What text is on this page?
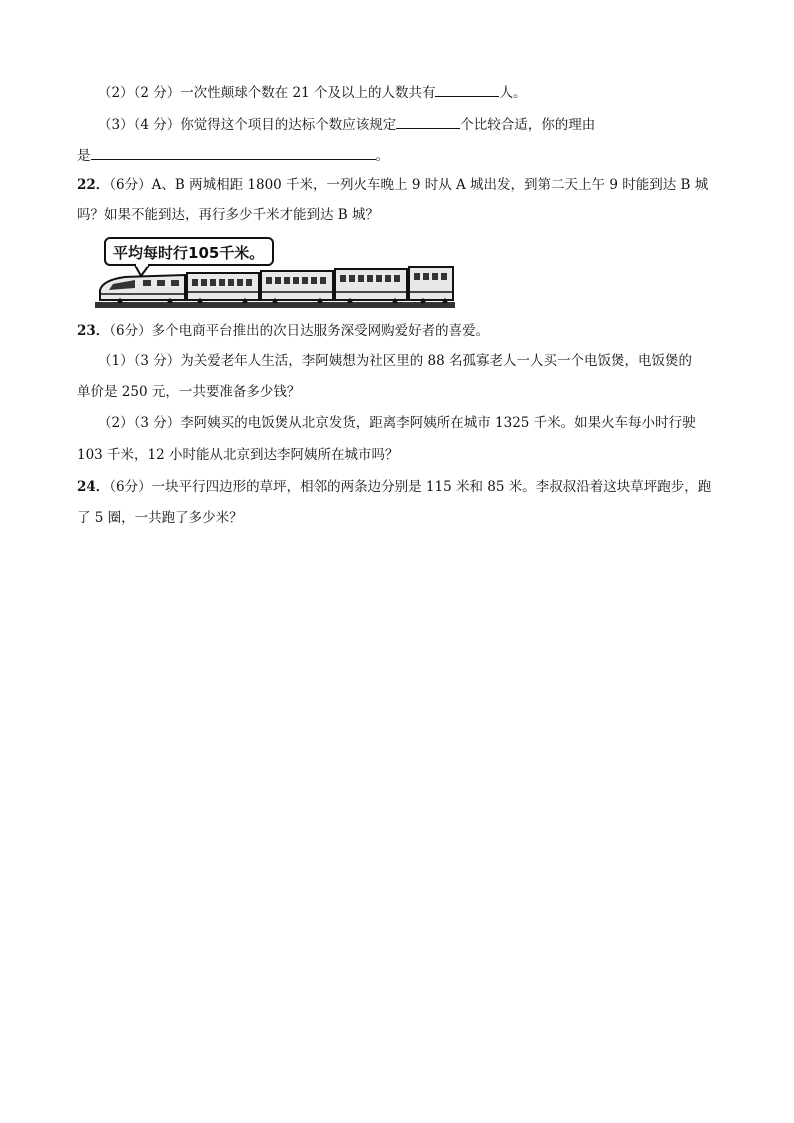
（2）（2 分）一次性颠球个数在 21 个及以上的人数共有	人。
（3）（4 分）你觉得这个项目的达标个数应该规定	个比较合适，你的理由
是	。
22．（6分）A、B 两城相距 1800 千米，一列火车晚上 9 时从 A 城出发，到第二天上午 9 时能到达 B 城
吗？如果不能到达，再行多少千米才能到达 B 城？
平均每时行105千米。
23．（6分）多个电商平台推出的次日达服务深受网购爱好者的喜爱。
（1）（3 分）为关爱老年人生活，李阿姨想为社区里的 88 名孤寡老人一人买一个电饭煲，电饭煲的
单价是 250 元，一共要准备多少钱？
（2）（3 分）李阿姨买的电饭煲从北京发货，距离李阿姨所在城市 1325 千米。如果火车每小时行驶
103 千米，12 小时能从北京到达李阿姨所在城市吗？
24．（6分）一块平行四边形的草坪，相邻的两条边分别是 115 米和 85 米。李叔叔沿着这块草坪跑步，跑
了 5 圈，一共跑了多少米？
